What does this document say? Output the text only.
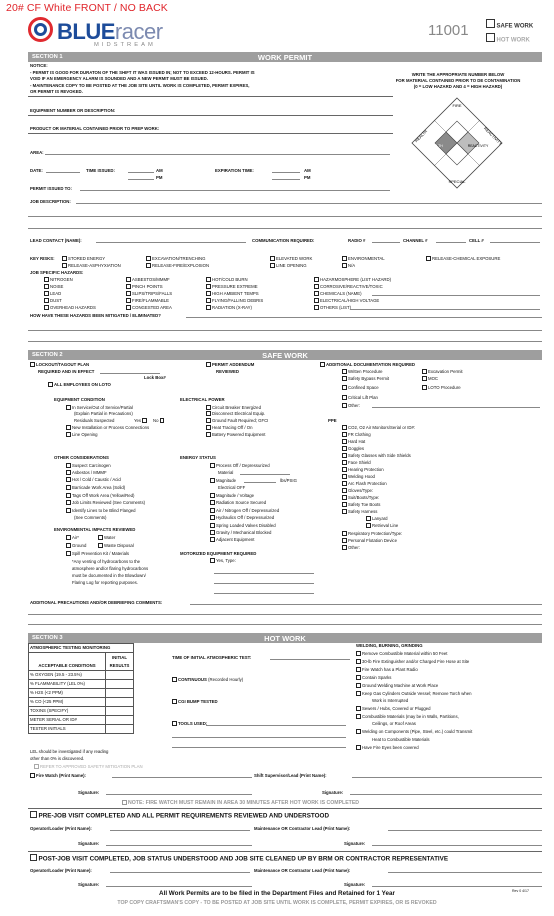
20# CF White FRONT / NO BACK
BLUEracer
MIDSTREAM
11001	SAFE WORK
HOT WORK
SECTION 1	WORK PERMIT
NOTICE:
- PERMIT IS GOOD FOR DURATON OF THE SHIFT IT WAS ISSUED IN; NOT TO EXCEED 12-HOURS. PERMIT IS
VOID IF AN EMERGENCY ALARM IS SOUNDED AND A NEW PERMIT MUST BE ISSUED.
- MAINTENANCE COPY TO BE POSTED AT THE JOB SITE UNTIL WORK IS COMPLETED, PERMIT EXPIRES,
OR PERMIT IS REVOKED.
WRITE THE APPROPRIATE NUMBER BELOW
FOR MATERIAL CONTAINED PRIOR TO DE CONTAMINATION
(0 = LOW HAZARD AND 4 = HIGH HAZARD)
FIRE
HEALTH	REACTIVITY
SPECIAL
HEALTH	REACTIVITY
EQUIPMENT NUMBER OR DESCRIPTION:
PRODUCT OR MATERIAL CONTAINED PRIOR TO PREP WORK:
AREA:
DATE:	TIME ISSUED:	AM
PM
EXPIRATION TIME:	AM
PM
PERMIT ISSUED TO:
JOB DESCRIPTION:
LEAD CONTACT (NAME):	COMMUNICATION REQUIRED:	RADIO #	CHANNEL #	CELL #
KEY RISKS:	STORED ENERGY	EXCAVATION/TRENCHING	ELEVATED WORK	ENVIRONMENTAL	RELEASE-CHEMICAL EXPOSURE
RELEASE-ASPHYXIATION	RELEASE-FIRE/EXPLOSION	LINE OPENING	N/A
JOB SPECIFIC HAZARDS:
NITROGEN
NOISE
LEAD
DUST
OVERHEAD HAZARDS
ASBESTOS/MMMF
PINCH POINTS
SLIPS/TRIPS/FALLS
FIRE/FLAMMABLE
CONGESTED AREA
HOT/COLD BURN
PRESSURE EXTREME
HIGH AMBIENT TEMPS
FLYING/FALLING DEBRIS
RADIATION (X-RAY)
HAZARMOSPHERE (LIST HAZARD)
CORROSIVE/REACTIVE/TOXIC
CHEMICALS (NAME)
ELECTRICAL/HIGH VOLTAGE
OTHERS (LIST)
HOW HAVE THESE HAZARDS BEEN MITIGATED / ELIMINATED?
SECTION 2	SAFE WORK
LOCKOUT/TAGOUT PLAN
REQUIRED AND IN EFFECT
Lock Box#
ALL EMPLOYEES ON LOTO
PERMIT ADDENDUM
REVIEWED
ADDITIONAL DOCUMENTATION REQUIRED
Written Procedure
Safety Bypass Permit
Confined Space
Critical Lift Plan
Other:
Excavation Permit
MOC
LOTO Procedure
EQUIPMENT CONDITION
In Service/Out of Service/Partial
(Explain Partial in Precautions)
Residuals Suspected	Yes	No
New Installation or Process Connections
Line Opening
ELECTRICAL POWER
Circuit Breaker Energized
Disconnect Electrical Equip.
Ground Fault Required; GFCI
Heat Tracing Off / On
Battery Powered Equipment
PPE
OTHER CONSIDERATIONS
Suspect Carcinogen
Asbestos / MMMF
Hot / Cold / Caustic / Acid
Barricade Work Area (Solid)
Tags Off Work Area (Yellow/Red)
Job Limits Reviewed (See Comments)
Identify Lines to be Blind Flanged
(See Comments)
ENERGY STATUS
Process Off / Depressurized
Material
Magnitude	lbs/PSIG
Electrical OFF
Magnitude / Voltage
Radiation Source Secured
Air / Nitrogen Off / Depressurized
Hydraulics Off / Depressurized
Spring Loaded Valves Disabled
Gravity / Mechanical Blocked
Adjacent Equipment
ENVIRONMENTAL IMPACTS REVIEWED
Air*	Water
Ground	Waste Disposal
Spill Prevention Kit / Materials
*Any venting of hydrocarbons to the
atmosphere and/or flaring hydrocarbons
must be documented in the Blowdown/
Flaring Log for reporting purposes.
MOTORIZED EQUIPMENT REQUIRED
Yes, Type:
ADDITIONAL PRECAUTIONS AND/OR DEBRIEFING COMMENTS:
SECTION 3	HOT WORK
ATMOSPHERIC TESTING MONITORING	
	INITIAL
ACCEPTABLE CONDITIONS	RESULTS
% OXYGEN (19.5 - 23.5%)	
% FLAMMABILITY (LEL 0%)	
% H2S (<2 PPM)	
% CO (<25 PPM)	
TOXINS (SPECIFY)	
METER SERIAL OR ID#	
TESTER INITIALS	
LEL should be investigated if any reading
other than 0% is discovered.
REFER TO APPROVED SAFETY MITIGATION PLAN
Fire Watch (Print Name):
TIME OF INITIAL ATMOSPHERIC TEST:
CONTINUOUS (Recorded Hourly)
CGI BUMP TESTED
TOOLS USED:
WELDING, BURNING, GRINDING
Shift Supervisor/Lead (Print Name):
Signature:	Signature:
NOTE: FIRE WATCH MUST REMAIN IN AREA 30 MINUTES AFTER HOT WORK IS COMPLETED
PRE-JOB VISIT COMPLETED AND ALL PERMIT REQUIREMENTS REVIEWED AND UNDERSTOOD
Operator/Loader (Print Name):	Maintenance OR Contractor Lead (Print Name):
Signature:	Signature:
POST-JOB VISIT COMPLETED, JOB STATUS UNDERSTOOD AND JOB SITE CLEANED UP BY BRM OR CONTRACTOR REPRESENTATIVE
Operator/Loader (Print Name):	Maintenance OR Contractor Lead (Print Name):
Signature:	Signature:
All Work Permits are to be filed in the Department Files and Retained for 1 Year	Rev 0 4/17
TOP COPY CRAFTSMAN'S COPY - TO BE POSTED AT JOB SITE UNTIL WORK IS COMPLETE, PERMIT EXPIRES, OR IS REVOKED
CO2, O2 Air Monitors/Serial or ID#:
FR Clothing
Hard Hat
Goggles
Safety Glasses with Side Shields
Face Shield
Hearing Protection
Welding Hood
Arc Flash Protection
Gloves/Type:
Suit/Boots/Type:
Safety Toe Boots
Safety Harness
Lanyard
Retrieval Line
Respiratory Protection/Type:
Personal Flotation Device
Other:
Remove Combustible Material within 50 Feet
30-lb Fire Extinguisher and/or Charged Fire Hose at Site
Fire Watch has a Plant Radio
Contain Sparks
Ground Welding Machine at Work Place
Keep Gas Cylinders Outside Vessel; Remove Torch when
Work is Interrupted
Sewers / Hubs, Covered or Plugged
Combustible Materials (may be in Walls, Partitions,
Ceilings, or Roof Areas
Welding on Components (Pipe, Steel, etc.) could Transmit
Heat to Combustible Materials
Have Fire Eyes been covered
